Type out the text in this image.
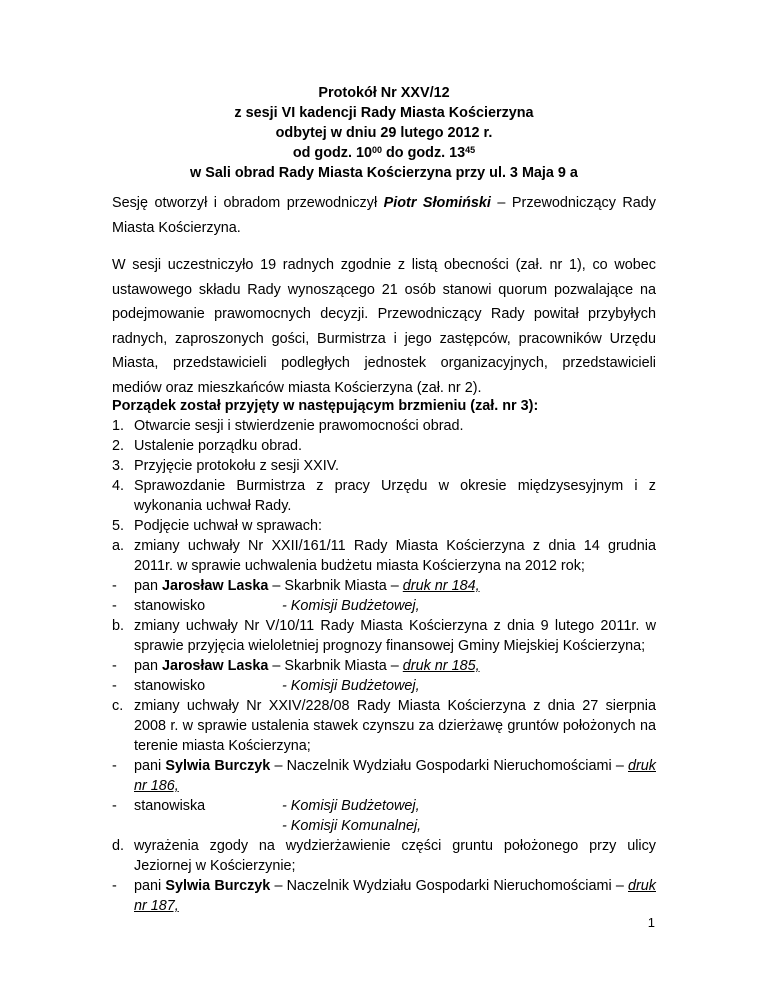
Protokół Nr XXV/12
z sesji VI kadencji Rady Miasta Kościerzyna
odbytej w dniu 29 lutego 2012 r.
od godz. $10^{00}$ do godz. $13^{45}$
w Sali obrad Rady Miasta Kościerzyna przy ul. 3 Maja 9 a
Sesję otworzył i obradom przewodniczył Piotr Słomiński – Przewodniczący Rady Miasta Kościerzyna.
W sesji uczestniczyło 19 radnych zgodnie z listą obecności (zał. nr 1), co wobec ustawowego składu Rady wynoszącego 21 osób stanowi quorum pozwalające na podejmowanie prawomocnych decyzji. Przewodniczący Rady powitał przybyłych radnych, zaproszonych gości, Burmistrza i jego zastępców, pracowników Urzędu Miasta, przedstawicieli podległych jednostek organizacyjnych, przedstawicieli mediów oraz mieszkańców miasta Kościerzyna (zał. nr 2).
Porządek został przyjęty w następującym brzmieniu (zał. nr 3):
1. Otwarcie sesji i stwierdzenie prawomocności obrad.
2. Ustalenie porządku obrad.
3. Przyjęcie protokołu z sesji XXIV.
4. Sprawozdanie Burmistrza z pracy Urzędu w okresie międzysesyjnym i z wykonania uchwał Rady.
5. Podjęcie uchwał w sprawach:
a. zmiany uchwały Nr XXII/161/11 Rady Miasta Kościerzyna z dnia 14 grudnia 2011r. w sprawie uchwalenia budżetu miasta Kościerzyna na 2012 rok;
-	pan Jarosław Laska – Skarbnik Miasta – druk nr 184,
-	stanowisko	- Komisji Budżetowej,
b. zmiany uchwały Nr V/10/11 Rady Miasta Kościerzyna z dnia 9 lutego 2011r. w sprawie przyjęcia wieloletniej prognozy finansowej Gminy Miejskiej Kościerzyna;
-	pan Jarosław Laska – Skarbnik Miasta – druk nr 185,
-	stanowisko	- Komisji Budżetowej,
c. zmiany uchwały Nr XXIV/228/08 Rady Miasta Kościerzyna z dnia 27 sierpnia 2008 r. w sprawie ustalenia stawek czynszu za dzierżawę gruntów położonych na terenie miasta Kościerzyna;
-	pani Sylwia Burczyk – Naczelnik Wydziału Gospodarki Nieruchomościami – druk nr 186,
-	stanowiska	- Komisji Budżetowej,
- Komisji Komunalnej,
d. wyrażenia zgody na wydzierżawienie części gruntu położonego przy ulicy Jeziornej w Kościerzynie;
-	pani Sylwia Burczyk – Naczelnik Wydziału Gospodarki Nieruchomościami – druk nr 187,
1
